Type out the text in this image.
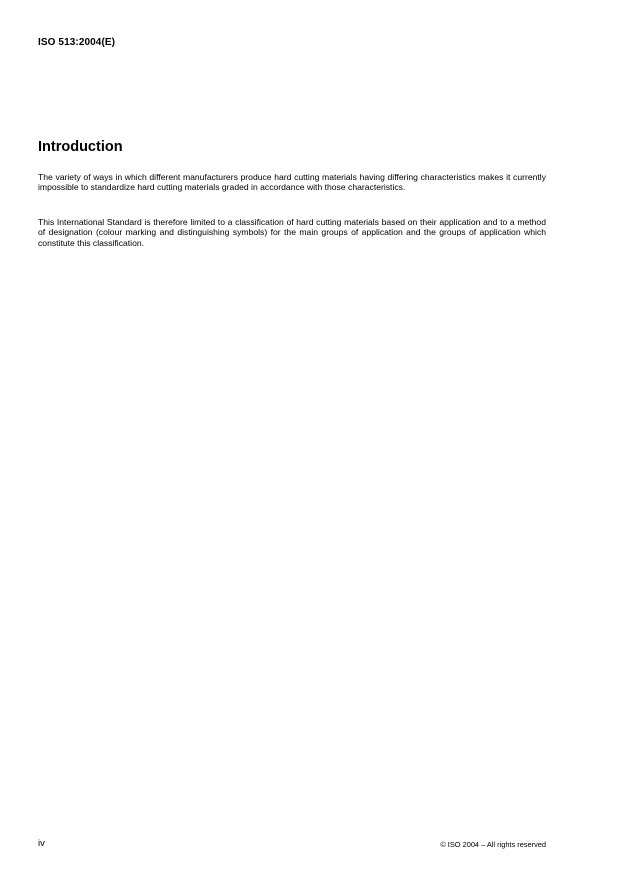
ISO 513:2004(E)
Introduction

The variety of ways in which different manufacturers produce hard cutting materials having differing characteristics makes it currently impossible to standardize hard cutting materials graded in accordance with those characteristics.

This International Standard is therefore limited to a classification of hard cutting materials based on their application and to a method of designation (colour marking and distinguishing symbols) for the main groups of application and the groups of application which constitute this classification.

iv	© ISO 2004 – All rights reserved
